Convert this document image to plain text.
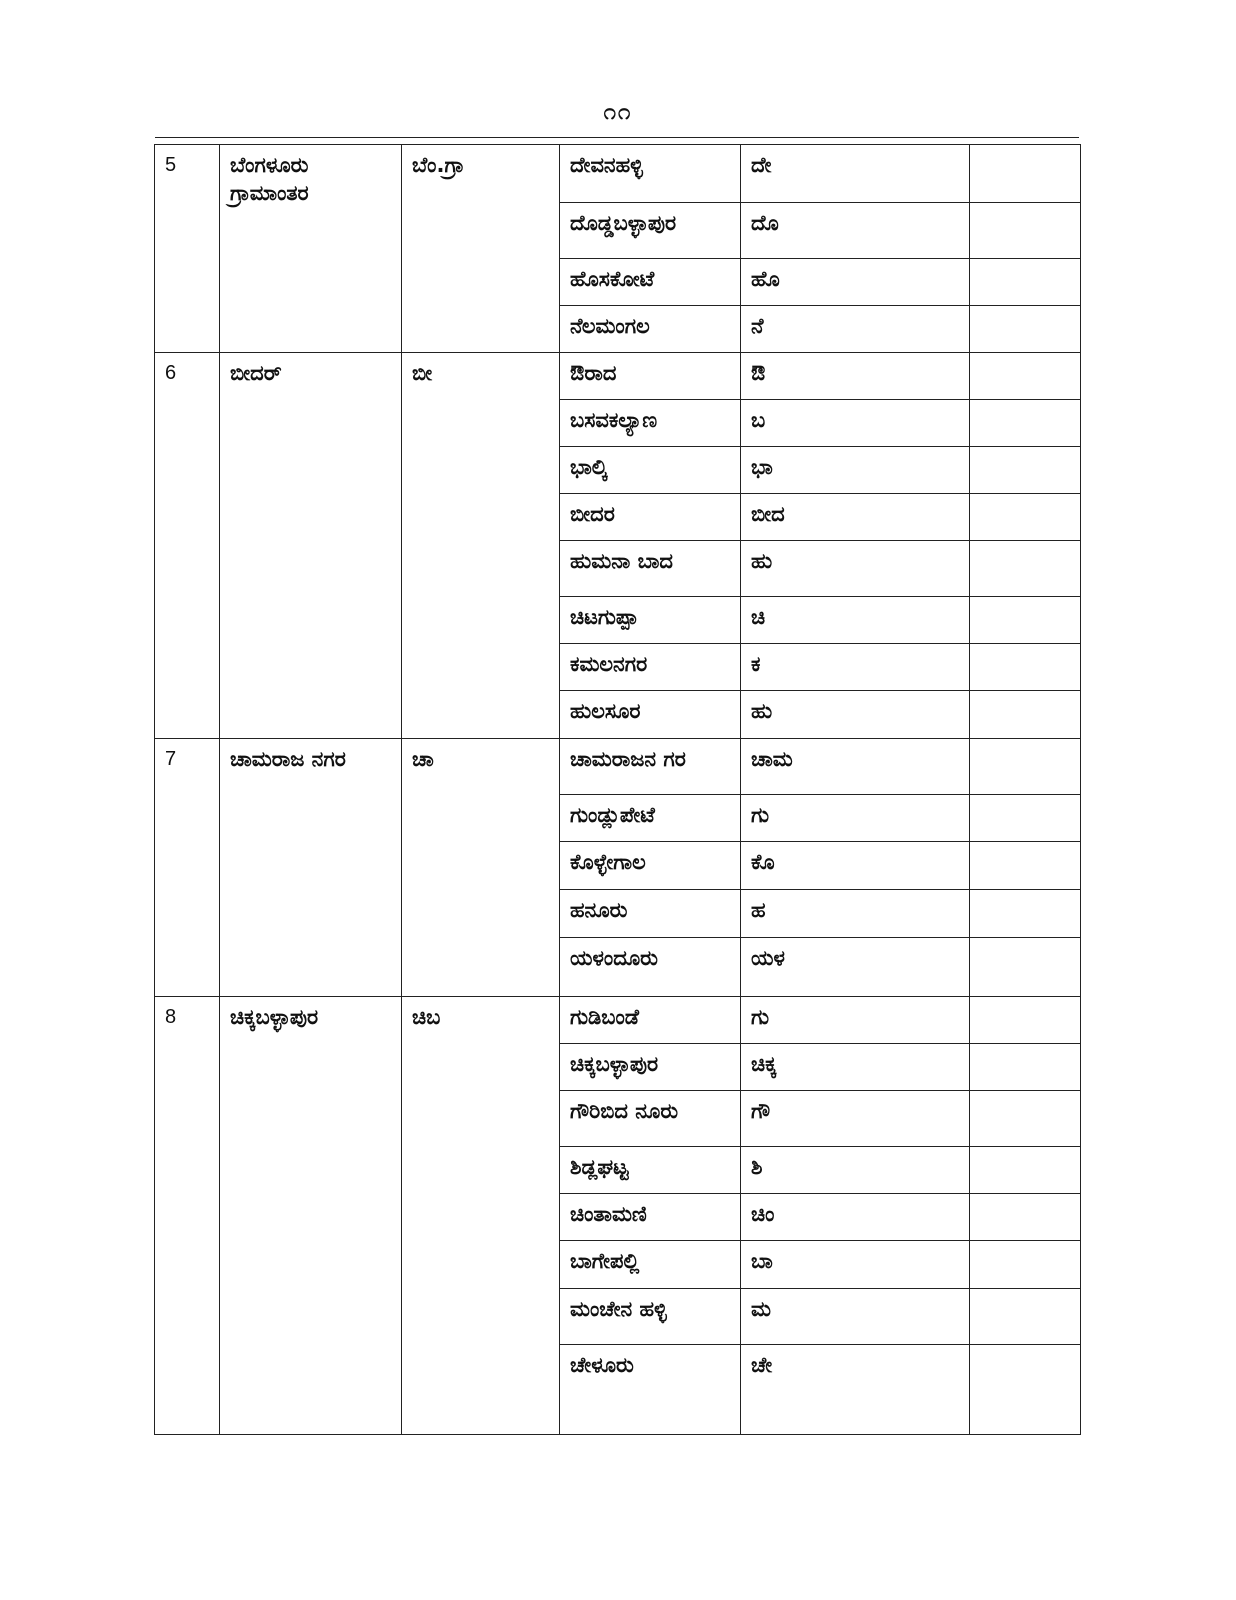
೧೧
5	ಬೆಂಗಳೂರು ಗ್ರಾಮಾಂತರ	ಬೆಂ.ಗ್ರಾ	ದೇವನಹಳ್ಳಿ	ದೇ	
			ದೊಡ್ಡಬಳ್ಳಾಪುರ	ದೊ	
			ಹೊಸಕೋಟೆ	ಹೊ	
			ನೆಲಮಂಗಲ	ನೆ	
6	ಬೀದರ್	ಬೀ	ಔರಾದ	ಔ	
			ಬಸವಕಲ್ಯಾಣ	ಬ	
			ಭಾಲ್ಕಿ	ಭಾ	
			ಬೀದರ	ಬೀದ	
			ಹುಮನಾ ಬಾದ	ಹು	
			ಚಿಟಗುಪ್ಪಾ	ಚಿ	
			ಕಮಲನಗರ	ಕ	
			ಹುಲಸೂರ	ಹು	
7	ಚಾಮರಾಜ ನಗರ	ಚಾ	ಚಾಮರಾಜನ ಗರ	ಚಾಮ	
			ಗುಂಡ್ಲುಪೇಟೆ	ಗು	
			ಕೊಳ್ಳೇಗಾಲ	ಕೊ	
			ಹನೂರು	ಹ	
			ಯಳಂದೂರು	ಯಳ	
8	ಚಿಕ್ಕಬಳ್ಳಾಪುರ	ಚಿಬ	ಗುಡಿಬಂಡೆ	ಗು	
			ಚಿಕ್ಕಬಳ್ಳಾಪುರ	ಚಿಕ್ಕ	
			ಗೌರಿಬಿದ ನೂರು	ಗೌ	
			ಶಿಡ್ಲಘಟ್ಟ	ಶಿ	
			ಚಿಂತಾಮಣಿ	ಚಿಂ	
			ಬಾಗೇಪಲ್ಲಿ	ಬಾ	
			ಮಂಚೇನ ಹಳ್ಳಿ	ಮ	
			ಚೇಳೂರು	ಚೇ	
